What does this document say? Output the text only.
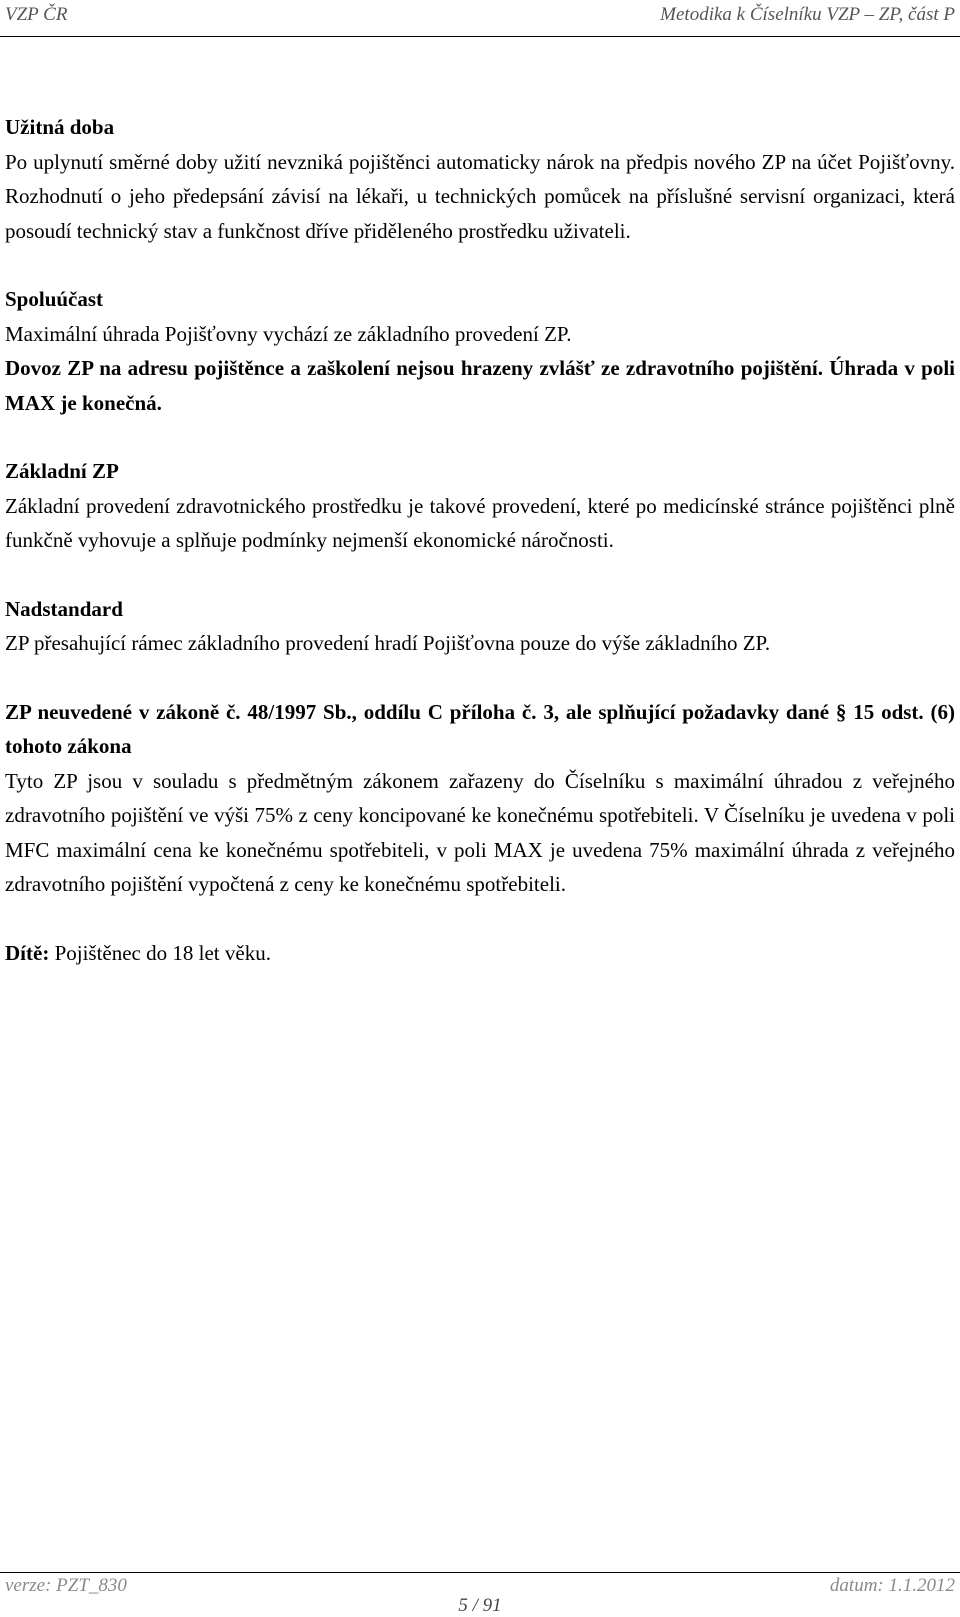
VZP ČR	Metodika k Číselníku VZP – ZP, část P

Užitná doba

Po uplynutí směrné doby užití nevzniká pojištěnci automaticky nárok na předpis nového ZP na účet Pojišťovny. Rozhodnutí o jeho předepsání závisí na lékaři, u technických pomůcek na příslušné servisní organizaci, která posoudí technický stav a funkčnost dříve přiděleného prostředku uživateli.

Spoluúčast

Maximální úhrada Pojišťovny vychází ze základního provedení ZP.

Dovoz ZP na adresu pojištěnce a zaškolení nejsou hrazeny zvlášť ze zdravotního pojištění. Úhrada v poli MAX je konečná.

Základní ZP

Základní provedení zdravotnického prostředku je takové provedení, které po medicínské stránce pojištěnci plně funkčně vyhovuje a splňuje podmínky nejmenší ekonomické náročnosti.

Nadstandard

ZP přesahující rámec základního provedení hradí Pojišťovna pouze do výše základního ZP.

ZP neuvedené v zákoně č. 48/1997 Sb., oddílu C příloha č. 3, ale splňující požadavky dané § 15 odst. (6) tohoto zákona

Tyto ZP jsou v souladu s předmětným zákonem zařazeny do Číselníku s maximální úhradou z veřejného zdravotního pojištění ve výši 75% z ceny koncipované ke konečnému spotřebiteli. V Číselníku je uvedena v poli MFC maximální cena ke konečnému spotřebiteli, v poli MAX je uvedena 75% maximální úhrada z veřejného zdravotního pojištění vypočtená z ceny ke konečnému spotřebiteli.

Dítě: Pojištěnec do 18 let věku.

verze: PZT_830	datum: 1.1.2012
5 / 91
